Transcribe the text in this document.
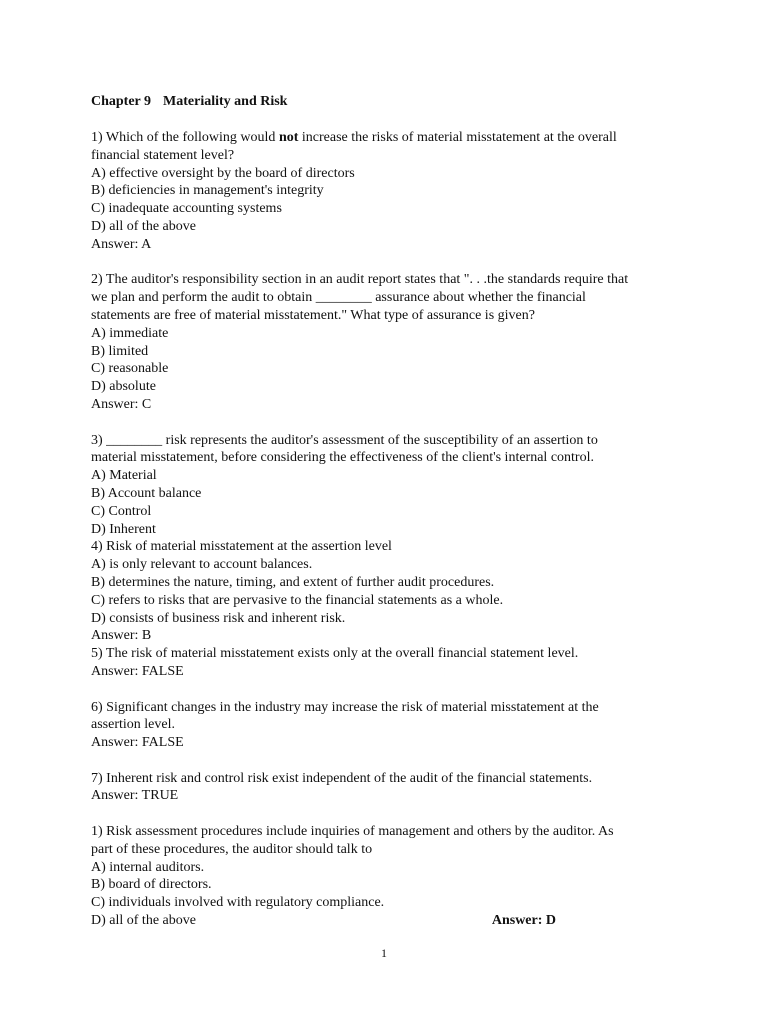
Chapter 9 Materiality and Risk
1) Which of the following would not increase the risks of material misstatement at the overall
financial statement level?
A) effective oversight by the board of directors
B) deficiencies in management's integrity
C) inadequate accounting systems
D) all of the above
Answer: A
2) The auditor's responsibility section in an audit report states that ". . .the standards require that
we plan and perform the audit to obtain ________ assurance about whether the financial
statements are free of material misstatement." What type of assurance is given?
A) immediate
B) limited
C) reasonable
D) absolute
Answer: C
3) ________ risk represents the auditor's assessment of the susceptibility of an assertion to
material misstatement, before considering the effectiveness of the client's internal control.
A) Material
B) Account balance
C) Control
D) Inherent
4) Risk of material misstatement at the assertion level
A) is only relevant to account balances.
B) determines the nature, timing, and extent of further audit procedures.
C) refers to risks that are pervasive to the financial statements as a whole.
D) consists of business risk and inherent risk.
Answer: B
5) The risk of material misstatement exists only at the overall financial statement level.
Answer: FALSE
6) Significant changes in the industry may increase the risk of material misstatement at the
assertion level.
Answer: FALSE
7) Inherent risk and control risk exist independent of the audit of the financial statements.
Answer: TRUE
1) Risk assessment procedures include inquiries of management and others by the auditor. As
part of these procedures, the auditor should talk to
A) internal auditors.
B) board of directors.
C) individuals involved with regulatory compliance.
D) all of the above	Answer: D
1
